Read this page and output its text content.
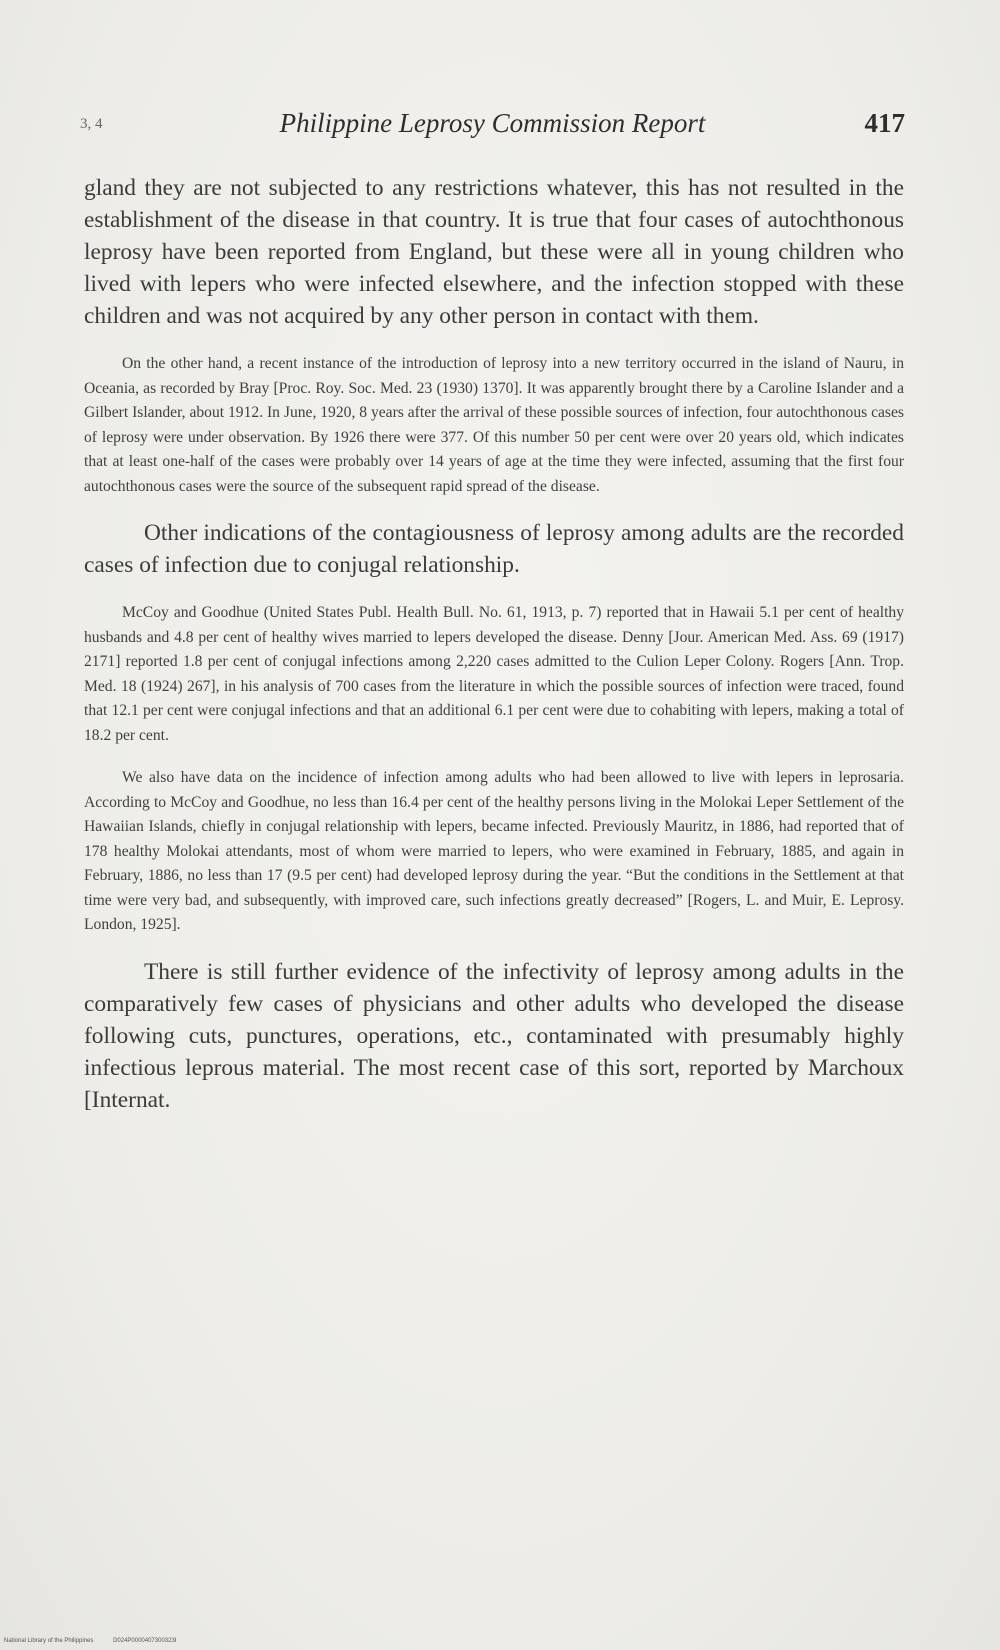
3, 4	Philippine Leprosy Commission Report	417

gland they are not subjected to any restrictions whatever, this has not resulted in the establishment of the disease in that country. It is true that four cases of autochthonous leprosy have been reported from England, but these were all in young children who lived with lepers who were infected elsewhere, and the infection stopped with these children and was not acquired by any other person in contact with them.

On the other hand, a recent instance of the introduction of leprosy into a new territory occurred in the island of Nauru, in Oceania, as recorded by Bray [Proc. Roy. Soc. Med. 23 (1930) 1370]. It was apparently brought there by a Caroline Islander and a Gilbert Islander, about 1912. In June, 1920, 8 years after the arrival of these possible sources of infection, four autochthonous cases of leprosy were under observation. By 1926 there were 377. Of this number 50 per cent were over 20 years old, which indicates that at least one-half of the cases were probably over 14 years of age at the time they were infected, assuming that the first four autochthonous cases were the source of the subsequent rapid spread of the disease.

Other indications of the contagiousness of leprosy among adults are the recorded cases of infection due to conjugal relationship.

McCoy and Goodhue (United States Publ. Health Bull. No. 61, 1913, p. 7) reported that in Hawaii 5.1 per cent of healthy husbands and 4.8 per cent of healthy wives married to lepers developed the disease. Denny [Jour. American Med. Ass. 69 (1917) 2171] reported 1.8 per cent of conjugal infections among 2,220 cases admitted to the Culion Leper Colony. Rogers [Ann. Trop. Med. 18 (1924) 267], in his analysis of 700 cases from the literature in which the possible sources of infection were traced, found that 12.1 per cent were conjugal infections and that an additional 6.1 per cent were due to cohabiting with lepers, making a total of 18.2 per cent.

We also have data on the incidence of infection among adults who had been allowed to live with lepers in leprosaria. According to McCoy and Goodhue, no less than 16.4 per cent of the healthy persons living in the Molokai Leper Settlement of the Hawaiian Islands, chiefly in conjugal relationship with lepers, became infected. Previously Mauritz, in 1886, had reported that of 178 healthy Molokai attendants, most of whom were married to lepers, who were examined in February, 1885, and again in February, 1886, no less than 17 (9.5 per cent) had developed leprosy during the year. “But the conditions in the Settlement at that time were very bad, and subsequently, with improved care, such infections greatly decreased” [Rogers, L. and Muir, E. Leprosy. London, 1925].

There is still further evidence of the infectivity of leprosy among adults in the comparatively few cases of physicians and other adults who developed the disease following cuts, punctures, operations, etc., contaminated with presumably highly infectious leprous material. The most recent case of this sort, reported by Marchoux [Internat.

National Library of the Philippines	D024P0000407300323I
